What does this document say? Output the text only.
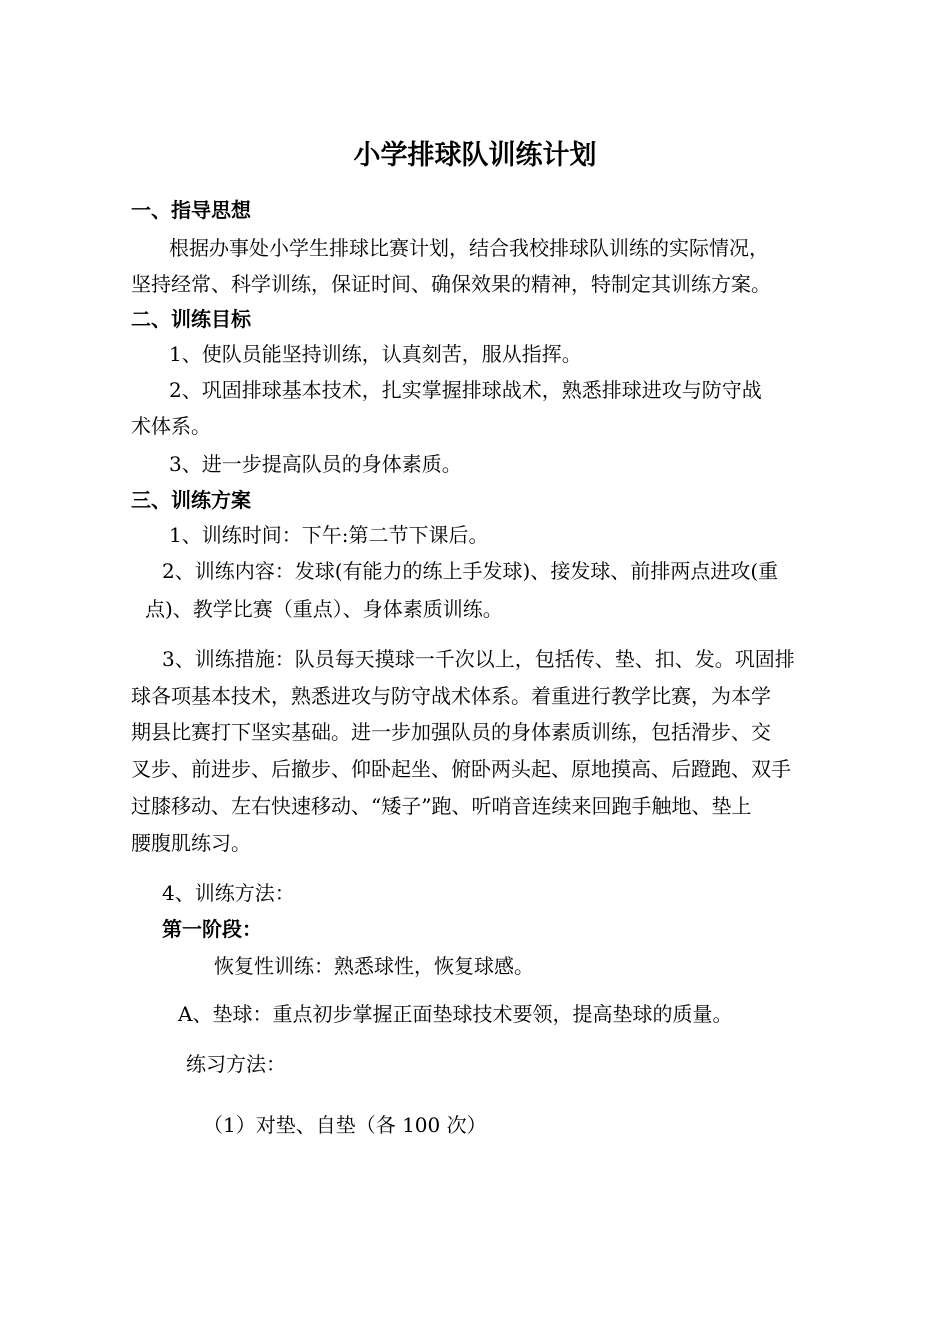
小学排球队训练计划
一、指导思想
根据办事处小学生排球比赛计划，结合我校排球队训练的实际情况，
坚持经常、科学训练，保证时间、确保效果的精神，特制定其训练方案。
二、训练目标
1、使队员能坚持训练，认真刻苦，服从指挥。
2、巩固排球基本技术，扎实掌握排球战术，熟悉排球进攻与防守战
术体系。
3、进一步提高队员的身体素质。
三、训练方案
1、训练时间：下午:第二节下课后。
2、训练内容：发球(有能力的练上手发球)、接发球、前排两点进攻(重
点)、教学比赛（重点）、身体素质训练。
3、训练措施：队员每天摸球一千次以上，包括传、垫、扣、发。巩固排
球各项基本技术，熟悉进攻与防守战术体系。着重进行教学比赛，为本学
期县比赛打下坚实基础。进一步加强队员的身体素质训练，包括滑步、交
叉步、前进步、后撤步、仰卧起坐、俯卧两头起、原地摸高、后蹬跑、双手
过膝移动、左右快速移动、“矮子”跑、听哨音连续来回跑手触地、垫上
腰腹肌练习。
4、训练方法：
第一阶段：
恢复性训练：熟悉球性，恢复球感。
A、垫球：重点初步掌握正面垫球技术要领，提高垫球的质量。
练习方法：
（1）对垫、自垫（各 100 次）
